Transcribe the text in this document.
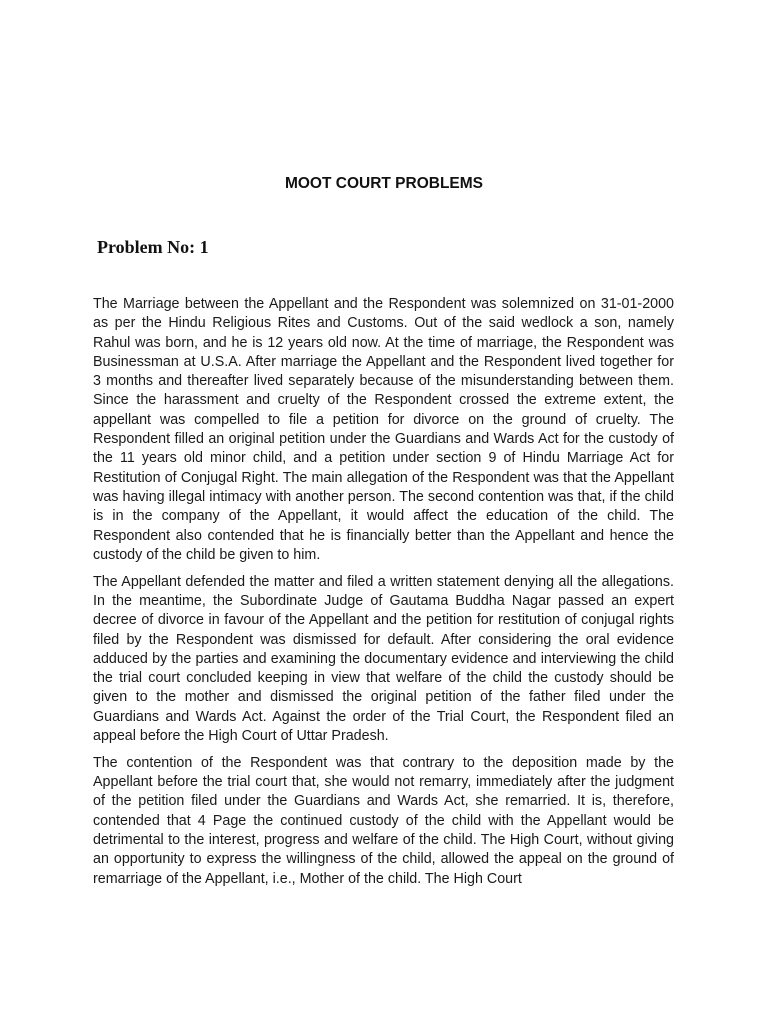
MOOT COURT PROBLEMS
Problem No: 1

The Marriage between the Appellant and the Respondent was solemnized on 31-01-2000 as per the Hindu Religious Rites and Customs. Out of the said wedlock a son, namely Rahul was born, and he is 12 years old now. At the time of marriage, the Respondent was Businessman at U.S.A. After marriage the Appellant and the Respondent lived together for 3 months and thereafter lived separately because of the misunderstanding between them. Since the harassment and cruelty of the Respondent crossed the extreme extent, the appellant was compelled to file a petition for divorce on the ground of cruelty. The Respondent filled an original petition under the Guardians and Wards Act for the custody of the 11 years old minor child, and a petition under section 9 of Hindu Marriage Act for Restitution of Conjugal Right. The main allegation of the Respondent was that the Appellant was having illegal intimacy with another person. The second contention was that, if the child is in the company of the Appellant, it would affect the education of the child. The Respondent also contended that he is financially better than the Appellant and hence the custody of the child be given to him.

The Appellant defended the matter and filed a written statement denying all the allegations. In the meantime, the Subordinate Judge of Gautama Buddha Nagar passed an expert decree of divorce in favour of the Appellant and the petition for restitution of conjugal rights filed by the Respondent was dismissed for default. After considering the oral evidence adduced by the parties and examining the documentary evidence and interviewing the child the trial court concluded keeping in view that welfare of the child the custody should be given to the mother and dismissed the original petition of the father filed under the Guardians and Wards Act. Against the order of the Trial Court, the Respondent filed an appeal before the High Court of Uttar Pradesh.

The contention of the Respondent was that contrary to the deposition made by the Appellant before the trial court that, she would not remarry, immediately after the judgment of the petition filed under the Guardians and Wards Act, she remarried. It is, therefore, contended that 4 Page the continued custody of the child with the Appellant would be detrimental to the interest, progress and welfare of the child. The High Court, without giving an opportunity to express the willingness of the child, allowed the appeal on the ground of remarriage of the Appellant, i.e., Mother of the child. The High Court
